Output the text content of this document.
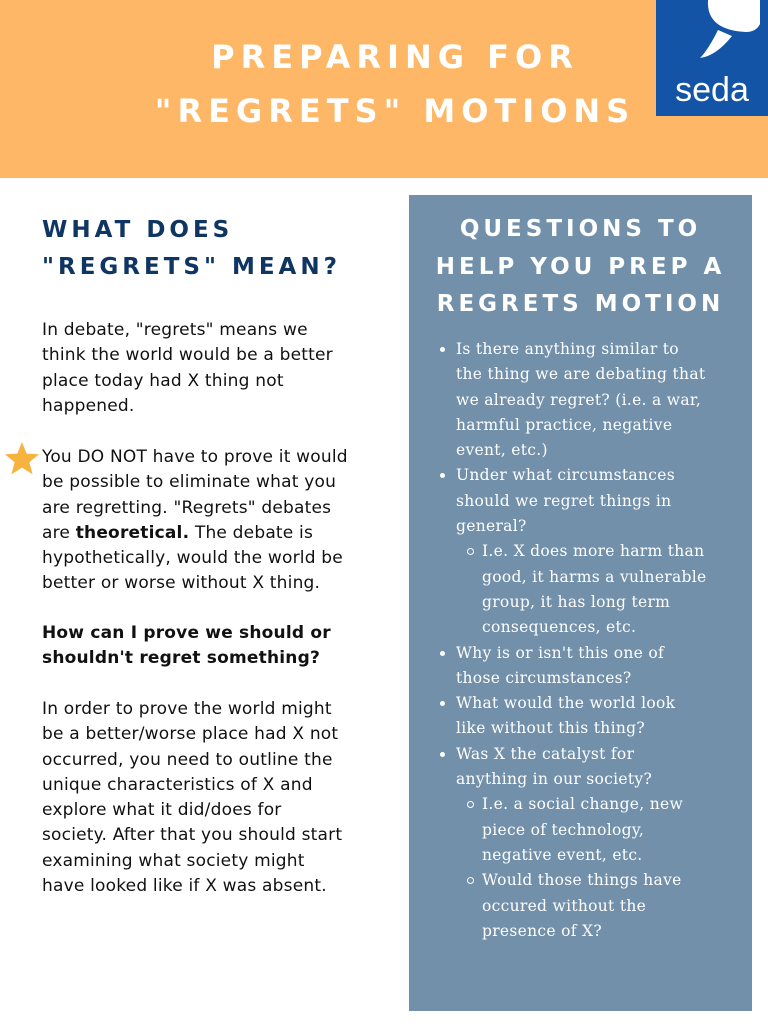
PREPARING FOR
"REGRETS" MOTIONS
seda
WHAT DOES
"REGRETS" MEAN?
In debate, "regrets" means we
think the world would be a better
place today had X thing not
happened.
You DO NOT have to prove it would
be possible to eliminate what you
are regretting. "Regrets" debates
are theoretical. The debate is
hypothetically, would the world be
better or worse without X thing.
How can I prove we should or
shouldn't regret something?
In order to prove the world might
be a better/worse place had X not
occurred, you need to outline the
unique characteristics of X and
explore what it did/does for
society. After that you should start
examining what society might
have looked like if X was absent.
QUESTIONS TO
HELP YOU PREP A
REGRETS MOTION
Is there anything similar to
the thing we are debating that
we already regret? (i.e. a war,
harmful practice, negative
event, etc.)
Under what circumstances
should we regret things in
general?
I.e. X does more harm than
good, it harms a vulnerable
group, it has long term
consequences, etc.
Why is or isn't this one of
those circumstances?
What would the world look
like without this thing?
Was X the catalyst for
anything in our society?
I.e. a social change, new
piece of technology,
negative event, etc.
Would those things have
occured without the
presence of X?
